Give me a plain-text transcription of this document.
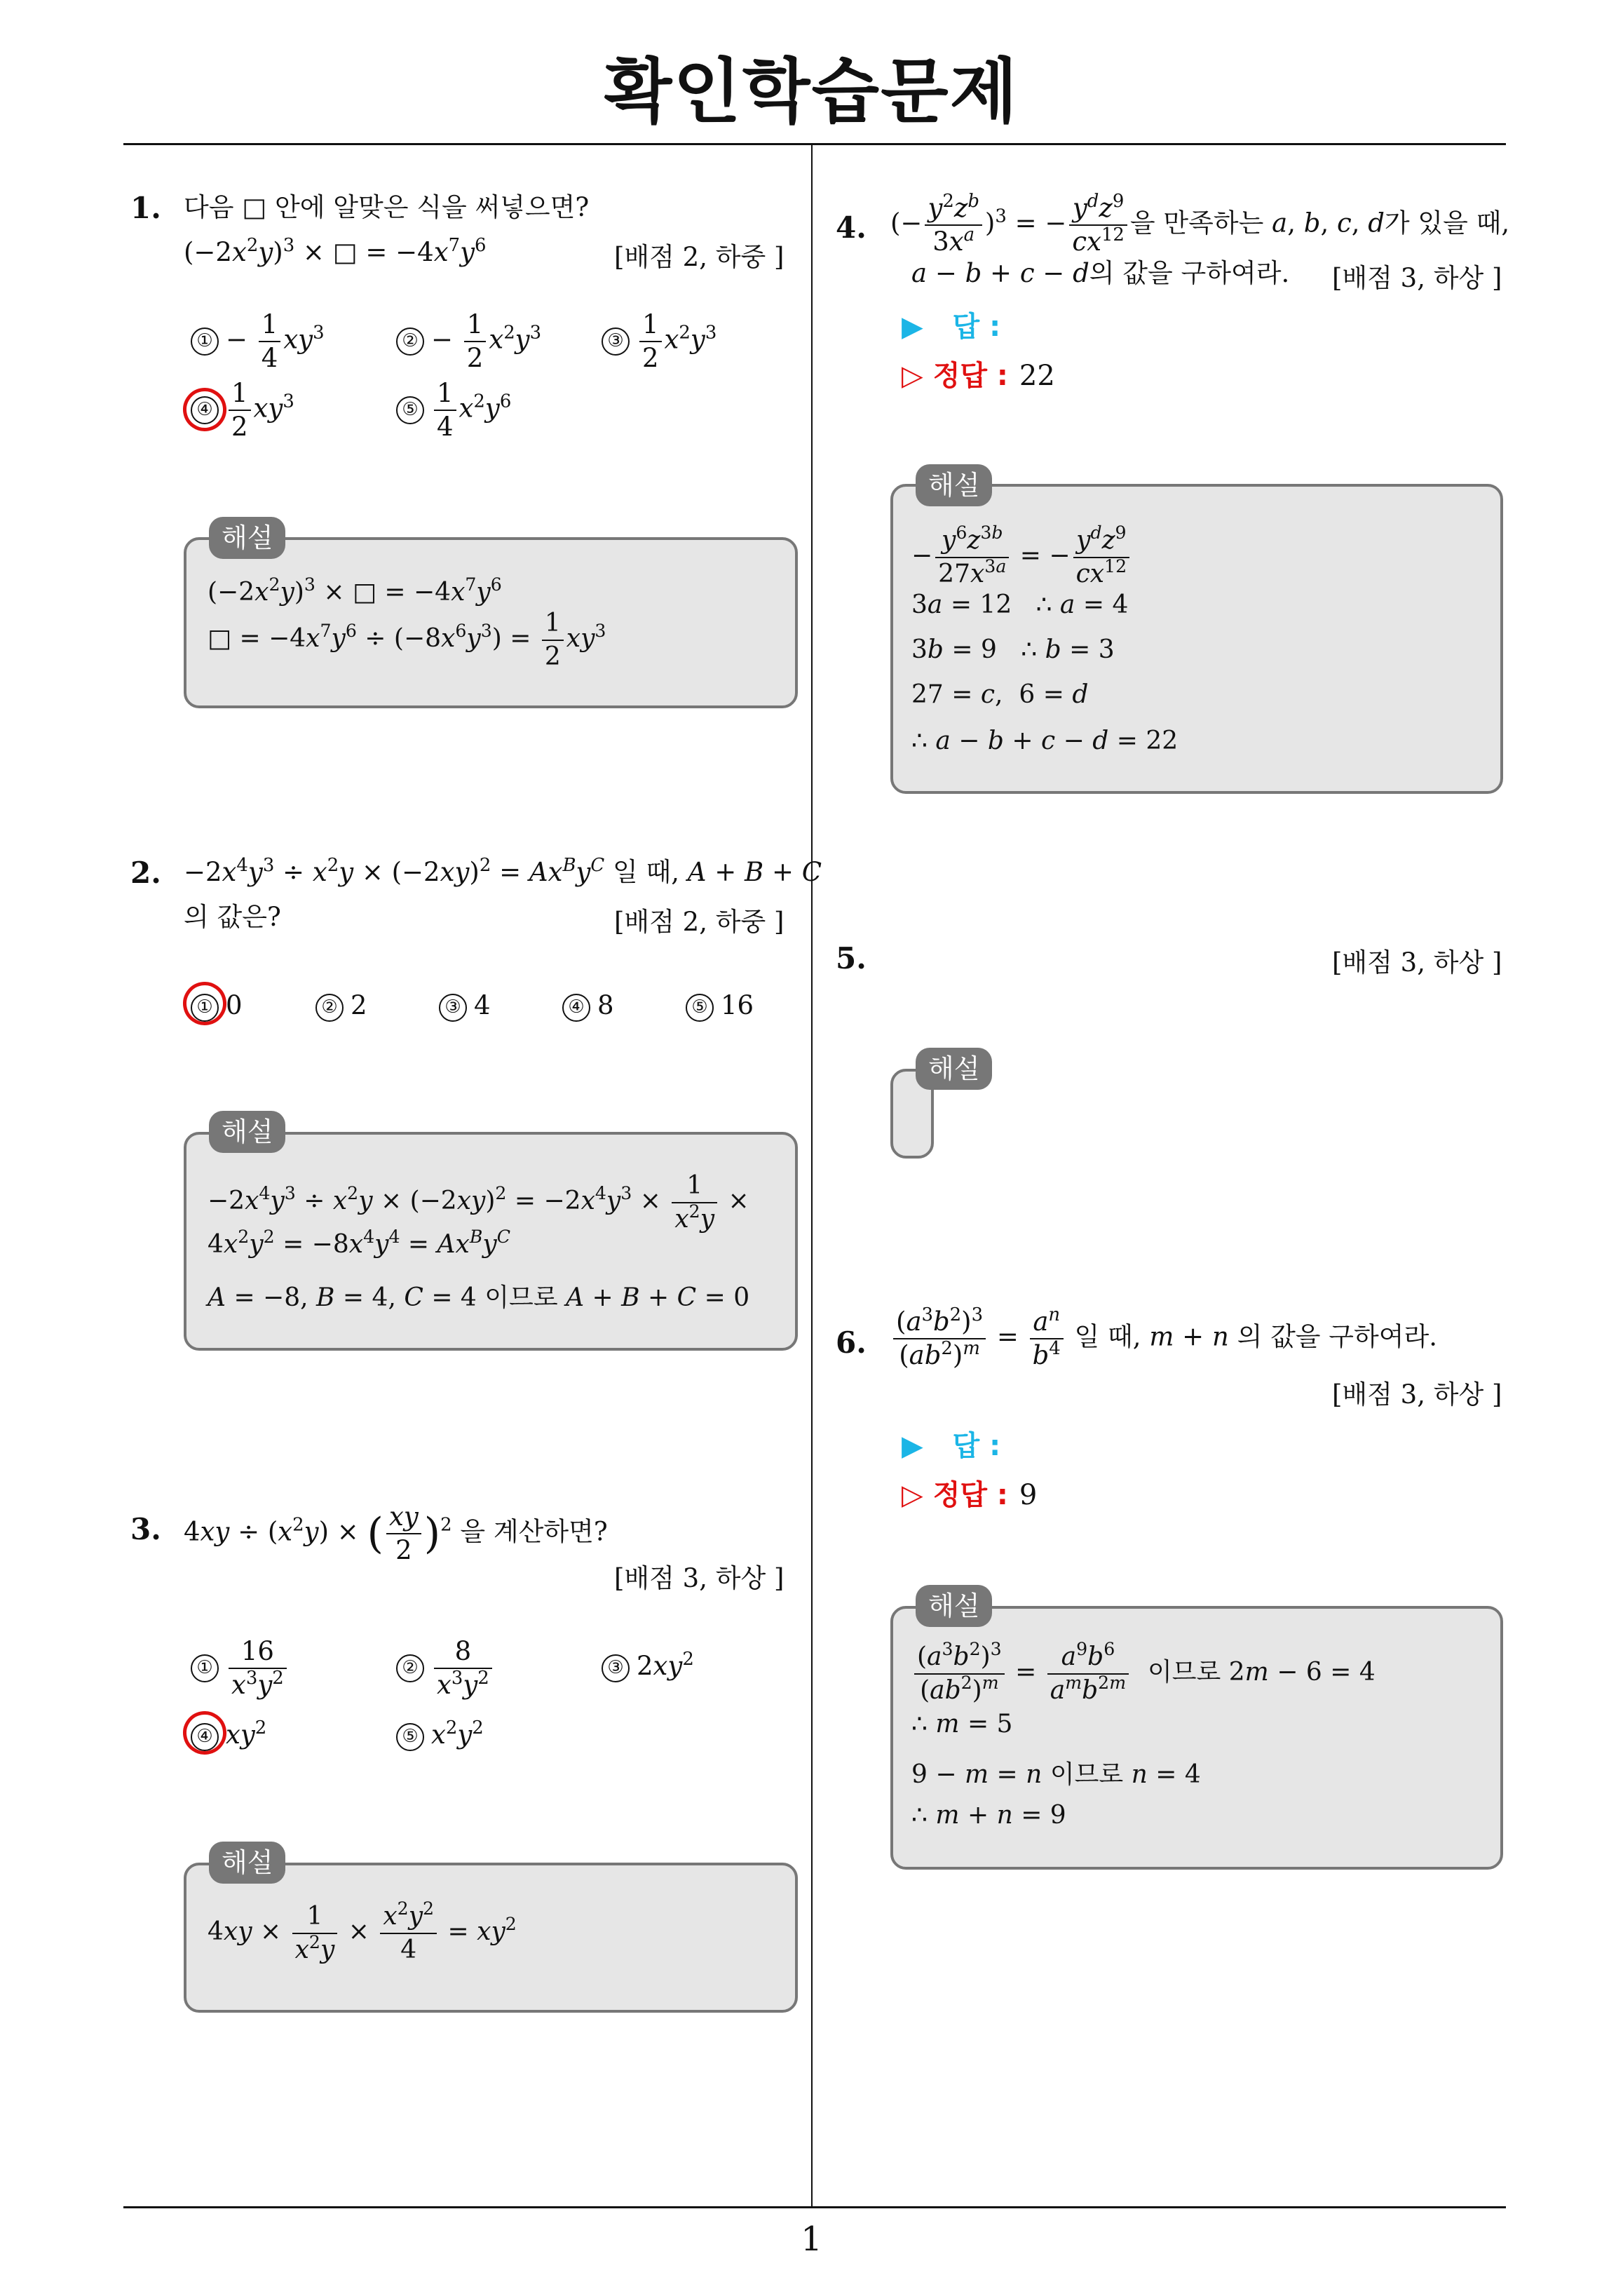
확인학습문제
1
1. 다음 □ 안에 알맞은 식을 써넣으면?
$(-2x^2y)^3$ × □ = $-4x^7y^6$	[배점 2, 하중 ]
① − $\frac{1}{4} xy^3$	② − $\frac{1}{2} x^2y^3$	③ $\frac{1}{2} x^2y^3$
④ $\frac{1}{2} xy^3$	⑤ $\frac{1}{4} x^2y^6$
해설
$(-2x^2y)^3$ × □ = $-4x^7y^6$
□ = $-4x^7y^6 \div (-8x^6y^3) = \frac{1}{2} xy^3$
2. $-2x^4y^3 \div x^2y \times (-2xy)^2 = Ax^By^C$ 일 때, A + B + C
의 값은?	[배점 2, 하중 ]
① 0	② 2	③ 4	④ 8	⑤ 16
해설
$-2x^4y^3 \div x^2y \times (-2xy)^2 = -2x^4y^3 \times \frac{1}{x^2y}$ ×
$4x^2y^2 = -8x^4y^4 = Ax^By^C$
A = −8, B = 4, C = 4 이므로 A + B + C = 0
3. $4xy \div (x^2y)$ × ( $\frac{xy}{2} )^2$ 을 계산하면?
[배점 3, 하상 ]
① $\frac{16}{x^3y^2}$	② $\frac{8}{x^3y^2}$	③ $2xy^2$
④ $xy^2$	⑤ $x^2y^2$
해설
$4xy \times \frac{1}{x^2y} \times \frac{x^2y^2}{4} = xy^2$
4. (− $\frac{y^2z^b}{3x^a} )^3$ = − $\frac{y^dz^9}{cx^{12}}$ 을 만족하는 a, b, c, d가 있을 때,
a − b + c − d의 값을 구하여라. [배점 3, 하상 ]
▶ 답 :
▷ 정답 : 22
해설
− $\frac{y^6z^{3b}}{27x^{3a}}$ = − $\frac{y^dz^9}{cx^{12}}$
3a = 12   ∴ a = 4
3b = 9   ∴ b = 3
27 = c,  6 = d
∴ a − b + c − d = 22
5.	[배점 3, 하상 ]
해설
6. $\frac{(a^3b^2)^3}{(ab^2)^m} = \frac{a^n}{b^4}$ 일 때, m + n 의 값을 구하여라.
[배점 3, 하상 ]
▶ 답 :
▷ 정답 : 9
해설
$\frac{(a^3b^2)^3}{(ab^2)^m} = \frac{a^9b^6}{a^mb^{2m}}$ 이므로 2m − 6 = 4
∴ m = 5
9 − m = n 이므로 n = 4
∴ m + n = 9
